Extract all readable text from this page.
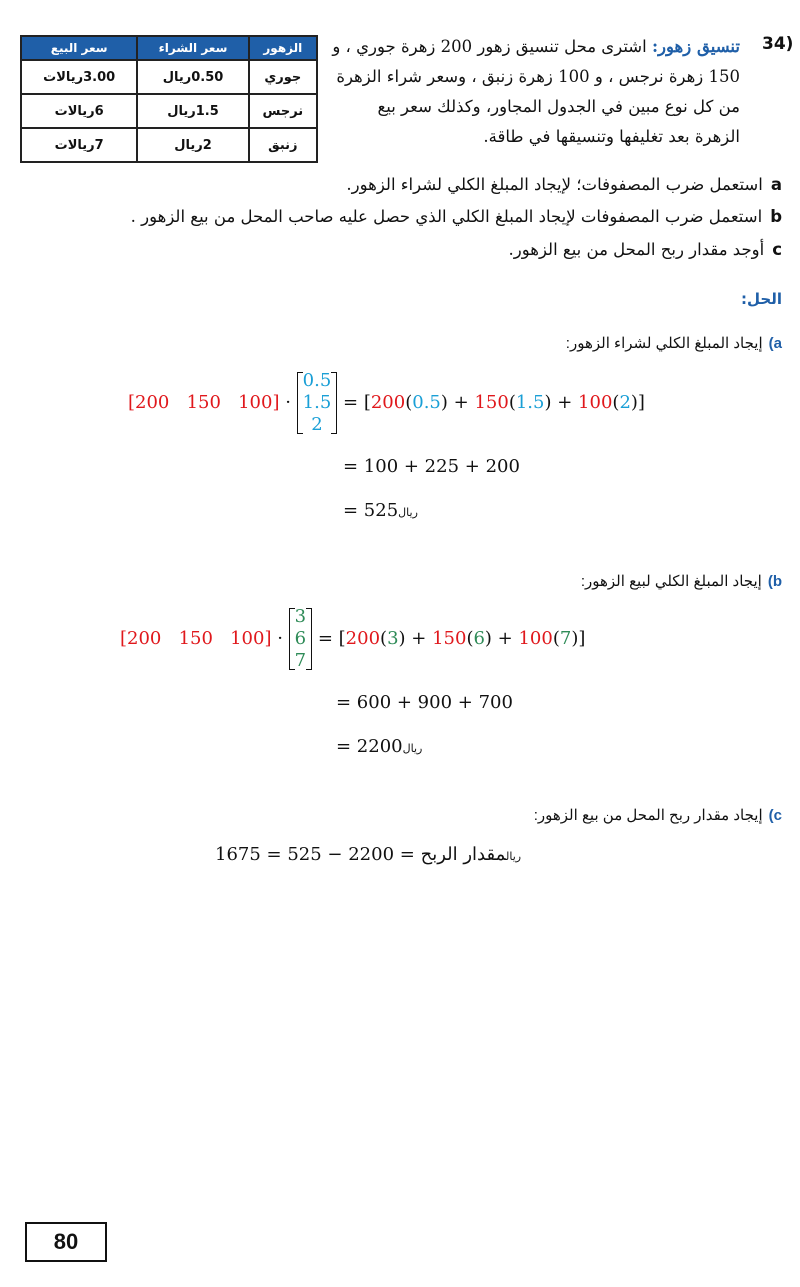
34)
تنسيق زهور: اشترى محل تنسيق زهور 200 زهرة جوري ، و 150 زهرة نرجس ، و 100 زهرة زنبق ، وسعر شراء الزهرة من كل نوع مبين في الجدول المجاور، وكذلك سعر بيع الزهرة بعد تغليفها وتنسيقها في طاقة.
الزهور	سعر الشراء	سعر البيع
جوري	0.50ريال	3.00ريالات
نرجس	1.5ريال	6ريالات
زنبق	2ريال	7ريالات
aاستعمل ضرب المصفوفات؛ لإيجاد المبلغ الكلي لشراء الزهور.
bاستعمل ضرب المصفوفات لإيجاد المبلغ الكلي الذي حصل عليه صاحب المحل من بيع الزهور .
cأوجد مقدار ربح المحل من بيع الزهور.
الحل:
a)إيجاد المبلغ الكلي لشراء الزهور:
[200 150 100] ·
0.5
1.5
2
= [200(0.5) + 150(1.5) + 100(2)]
= 100 + 225 + 200
= 525ريال
b)إيجاد المبلغ الكلي لبيع الزهور:
[200 150 100] ·
3
6
7
= [200(3) + 150(6) + 100(7)]
= 600 + 900 + 700
= 2200ريال
c)إيجاد مقدار ربح المحل من بيع الزهور:
ريالمقدار الربح = 2200 − 525 = 1675
80
